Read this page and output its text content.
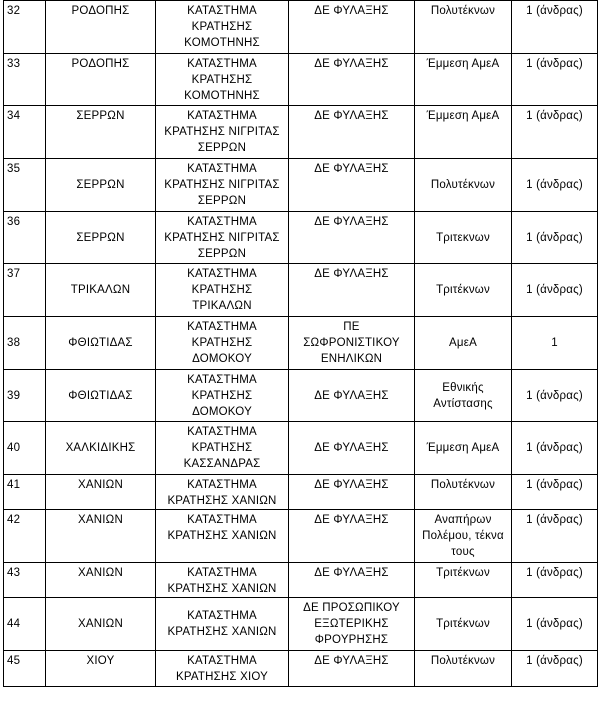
32	ΡΟΔΟΠΗΣ	ΚΑΤΑΣΤΗΜΑ
ΚΡΑΤΗΣΗΣ
ΚΟΜΟΤΗΝΗΣ	ΔΕ ΦΥΛΑΞΗΣ	Πολυτέκνων	1 (άνδρας)
33	ΡΟΔΟΠΗΣ	ΚΑΤΑΣΤΗΜΑ
ΚΡΑΤΗΣΗΣ
ΚΟΜΟΤΗΝΗΣ	ΔΕ ΦΥΛΑΞΗΣ	Έμμεση ΑμεΑ	1 (άνδρας)
34	ΣΕΡΡΩΝ	ΚΑΤΑΣΤΗΜΑ
ΚΡΑΤΗΣΗΣ ΝΙΓΡΙΤΑΣ
ΣΕΡΡΩΝ	ΔΕ ΦΥΛΑΞΗΣ	Έμμεση ΑμεΑ	1 (άνδρας)
35	ΣΕΡΡΩΝ	ΚΑΤΑΣΤΗΜΑ
ΚΡΑΤΗΣΗΣ ΝΙΓΡΙΤΑΣ
ΣΕΡΡΩΝ	ΔΕ ΦΥΛΑΞΗΣ	Πολυτέκνων	1 (άνδρας)
36	ΣΕΡΡΩΝ	ΚΑΤΑΣΤΗΜΑ
ΚΡΑΤΗΣΗΣ ΝΙΓΡΙΤΑΣ
ΣΕΡΡΩΝ	ΔΕ ΦΥΛΑΞΗΣ	Τριτεκνων	1 (άνδρας)
37	ΤΡΙΚΑΛΩΝ	ΚΑΤΑΣΤΗΜΑ
ΚΡΑΤΗΣΗΣ
ΤΡΙΚΑΛΩΝ	ΔΕ ΦΥΛΑΞΗΣ	Τριτέκνων	1 (άνδρας)
38	ΦΘΙΩΤΙΔΑΣ	ΚΑΤΑΣΤΗΜΑ
ΚΡΑΤΗΣΗΣ
ΔΟΜΟΚΟΥ	ΠΕ
ΣΩΦΡΟΝΙΣΤΙΚΟΥ
ΕΝΗΛΙΚΩΝ	ΑμεΑ	1
39	ΦΘΙΩΤΙΔΑΣ	ΚΑΤΑΣΤΗΜΑ
ΚΡΑΤΗΣΗΣ
ΔΟΜΟΚΟΥ	ΔΕ ΦΥΛΑΞΗΣ	Εθνικής
Αντίστασης	1 (άνδρας)
40	ΧΑΛΚΙΔΙΚΗΣ	ΚΑΤΑΣΤΗΜΑ
ΚΡΑΤΗΣΗΣ
ΚΑΣΣΑΝΔΡΑΣ	ΔΕ ΦΥΛΑΞΗΣ	Έμμεση ΑμεΑ	1 (άνδρας)
41	ΧΑΝΙΩΝ	ΚΑΤΑΣΤΗΜΑ
ΚΡΑΤΗΣΗΣ ΧΑΝΙΩΝ	ΔΕ ΦΥΛΑΞΗΣ	Πολυτέκνων	1 (άνδρας)
42	ΧΑΝΙΩΝ	ΚΑΤΑΣΤΗΜΑ
ΚΡΑΤΗΣΗΣ ΧΑΝΙΩΝ	ΔΕ ΦΥΛΑΞΗΣ	Αναπήρων
Πολέμου, τέκνα
τους	1 (άνδρας)
43	ΧΑΝΙΩΝ	ΚΑΤΑΣΤΗΜΑ
ΚΡΑΤΗΣΗΣ ΧΑΝΙΩΝ	ΔΕ ΦΥΛΑΞΗΣ	Τριτέκνων	1 (άνδρας)
44	ΧΑΝΙΩΝ	ΚΑΤΑΣΤΗΜΑ
ΚΡΑΤΗΣΗΣ ΧΑΝΙΩΝ	ΔΕ ΠΡΟΣΩΠΙΚΟΥ
ΕΞΩΤΕΡΙΚΗΣ
ΦΡΟΥΡΗΣΗΣ	Τριτέκνων	1 (άνδρας)
45	ΧΙΟΥ	ΚΑΤΑΣΤΗΜΑ
ΚΡΑΤΗΣΗΣ ΧΙΟΥ	ΔΕ ΦΥΛΑΞΗΣ	Πολυτέκνων	1 (άνδρας)
